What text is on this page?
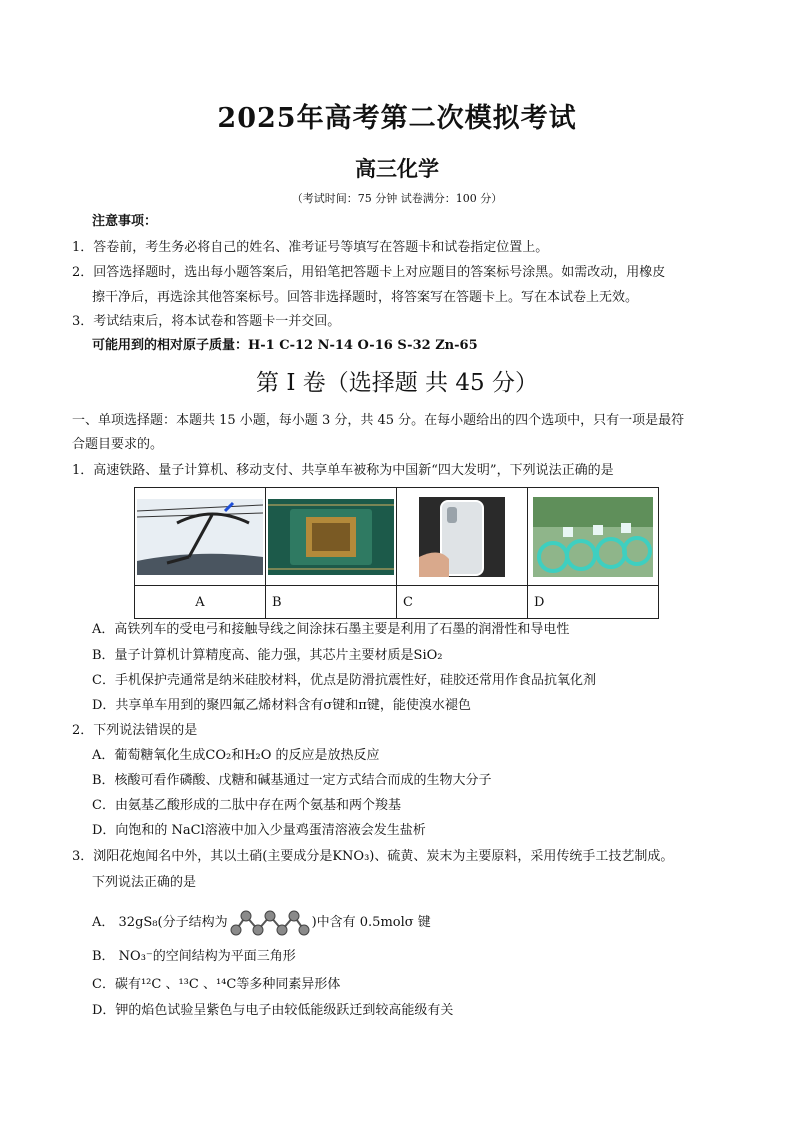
2025年高考第二次模拟考试
高三化学
（考试时间：75 分钟 试卷满分：100 分）
注意事项：
1．答卷前，考生务必将自己的姓名、准考证号等填写在答题卡和试卷指定位置上。
2．回答选择题时，选出每小题答案后，用铅笔把答题卡上对应题目的答案标号涂黑。如需改动，用橡皮
擦干净后，再选涂其他答案标号。回答非选择题时，将答案写在答题卡上。写在本试卷上无效。
3．考试结束后，将本试卷和答题卡一并交回。
可能用到的相对原子质量：H-1 C-12 N-14 O-16 S-32 Zn-65
第 I 卷（选择题 共 45 分）
一、单项选择题：本题共 15 小题，每小题 3 分，共 45 分。在每小题给出的四个选项中，只有一项是最符
合题目要求的。
1．高速铁路、量子计算机、移动支付、共享单车被称为中国新“四大发明”，下列说法正确的是

A	B	C	D
A．高铁列车的受电弓和接触导线之间涂抹石墨主要是利用了石墨的润滑性和导电性
B．量子计算机计算精度高、能力强，其芯片主要材质是SiO₂
C．手机保护壳通常是纳米硅胶材料，优点是防滑抗震性好，硅胶还常用作食品抗氧化剂
D．共享单车用到的聚四氟乙烯材料含有σ键和π键，能使溴水褪色
2．下列说法错误的是
A．葡萄糖氧化生成CO₂和H₂O 的反应是放热反应
B．核酸可看作磷酸、戊糖和碱基通过一定方式结合而成的生物大分子
C．由氨基乙酸形成的二肽中存在两个氨基和两个羧基
D．向饱和的 NaCl溶液中加入少量鸡蛋清溶液会发生盐析
3．浏阳花炮闻名中外，其以土硝(主要成分是KNO₃)、硫黄、炭末为主要原料，采用传统手工技艺制成。
下列说法正确的是
A． 32gS₈(分子结构为	)中含有 0.5molσ 键
B． NO₃⁻的空间结构为平面三角形
C．碳有¹²C 、¹³C 、¹⁴C等多种同素异形体
D．钾的焰色试验呈紫色与电子由较低能级跃迁到较高能级有关
